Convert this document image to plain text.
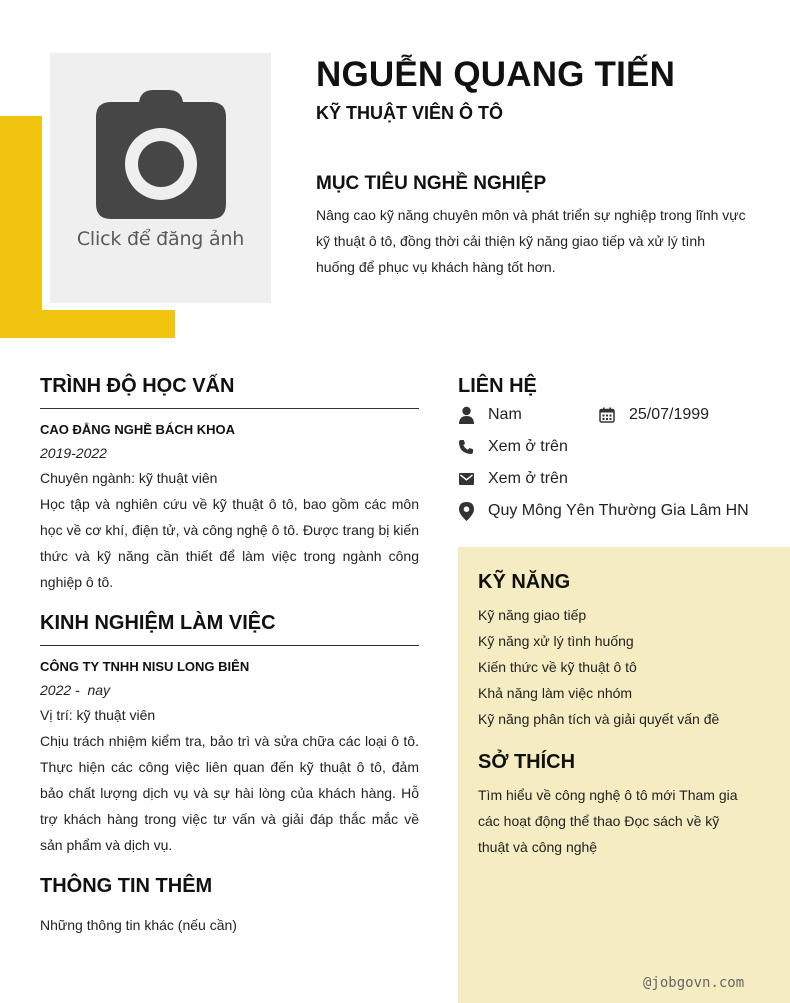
Click để đăng ảnh
NGUỄN QUANG TIẾN
KỸ THUẬT VIÊN Ô TÔ
MỤC TIÊU NGHỀ NGHIỆP
Nâng cao kỹ năng chuyên môn và phát triển sự nghiệp trong lĩnh vực kỹ thuật ô tô, đồng thời cải thiện kỹ năng giao tiếp và xử lý tình huống để phục vụ khách hàng tốt hơn.
TRÌNH ĐỘ HỌC VẤN
CAO ĐẲNG NGHỀ BÁCH KHOA
2019-2022
Chuyên ngành: kỹ thuật viên
Học tập và nghiên cứu về kỹ thuật ô tô, bao gồm các môn học về cơ khí, điện tử, và công nghệ ô tô. Được trang bị kiến thức và kỹ năng cần thiết để làm việc trong ngành công nghiệp ô tô.
KINH NGHIỆM LÀM VIỆC
CÔNG TY TNHH NISU LONG BIÊN
2022 -  nay
Vị trí: kỹ thuật viên
Chịu trách nhiệm kiểm tra, bảo trì và sửa chữa các loại ô tô. Thực hiện các công việc liên quan đến kỹ thuật ô tô, đảm bảo chất lượng dịch vụ và sự hài lòng của khách hàng. Hỗ trợ khách hàng trong việc tư vấn và giải đáp thắc mắc về sản phẩm và dịch vụ.
THÔNG TIN THÊM
Những thông tin khác (nếu cần)
LIÊN HỆ
Nam	25/07/1999
Xem ở trên
Xem ở trên
Quy Mông Yên Thường Gia Lâm HN
KỸ NĂNG
Kỹ năng giao tiếp
Kỹ năng xử lý tình huống
Kiến thức về kỹ thuật ô tô
Khả năng làm việc nhóm
Kỹ năng phân tích và giải quyết vấn đề
SỞ THÍCH
Tìm hiểu về công nghệ ô tô mới Tham gia các hoạt động thể thao Đọc sách về kỹ thuật và công nghệ
@jobgovn.com
